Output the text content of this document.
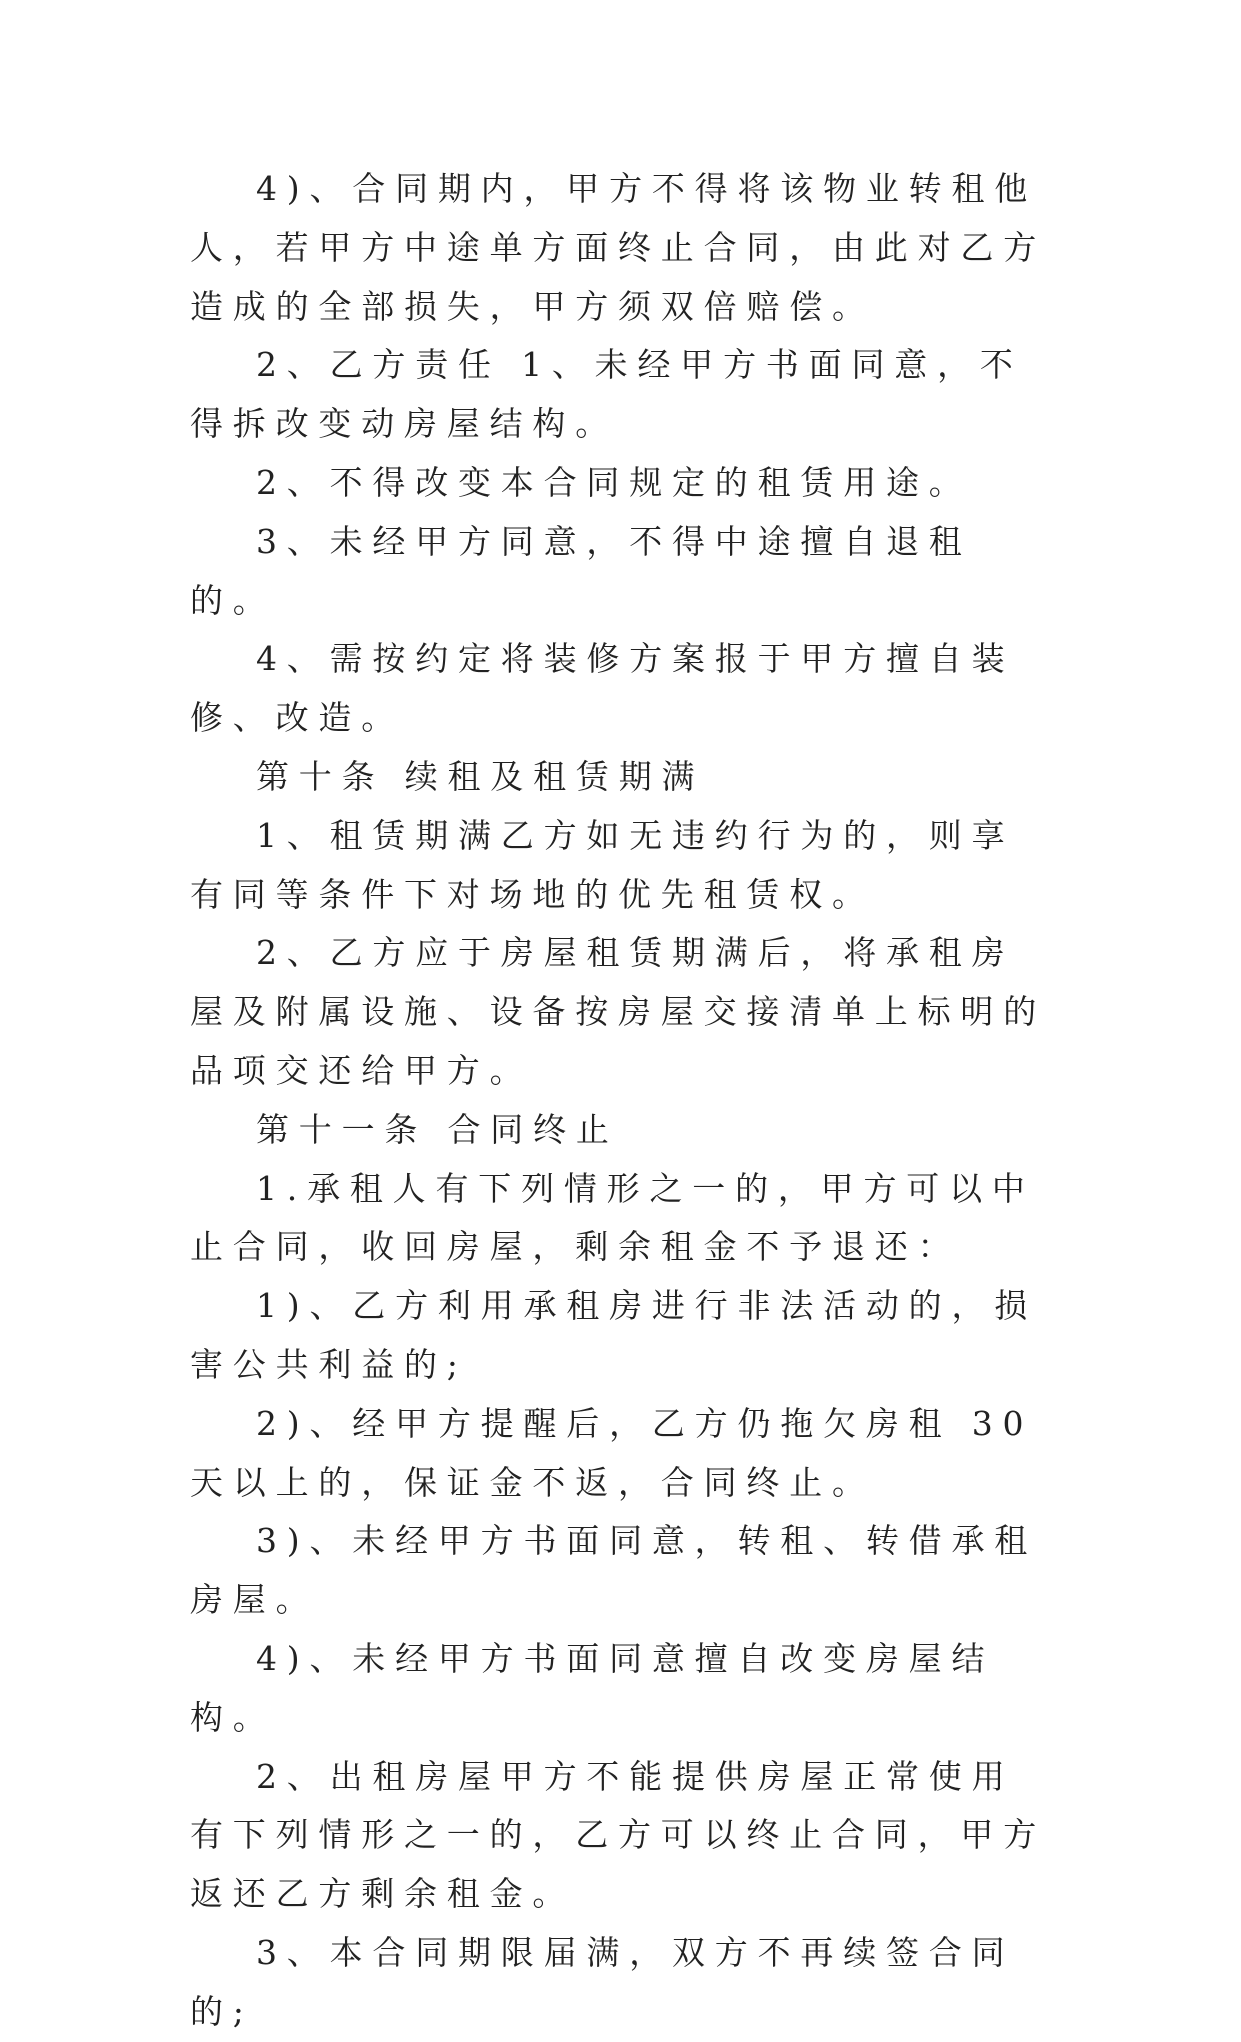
4)、合同期内，甲方不得将该物业转租他人，若甲方中途单方面终止合同，由此对乙方造成的全部损失，甲方须双倍赔偿。

2、乙方责任 1、未经甲方书面同意，不得拆改变动房屋结构。

2、不得改变本合同规定的租赁用途。

3、未经甲方同意，不得中途擅自退租的。

4、需按约定将装修方案报于甲方擅自装修、改造。

第十条 续租及租赁期满

1、租赁期满乙方如无违约行为的，则享有同等条件下对场地的优先租赁权。

2、乙方应于房屋租赁期满后，将承租房屋及附属设施、设备按房屋交接清单上标明的品项交还给甲方。

第十一条 合同终止

1.承租人有下列情形之一的，甲方可以中止合同，收回房屋，剩余租金不予退还：

1)、乙方利用承租房进行非法活动的，损害公共利益的;

2)、经甲方提醒后，乙方仍拖欠房租 30 天以上的，保证金不返，合同终止。

3)、未经甲方书面同意，转租、转借承租房屋。

4)、未经甲方书面同意擅自改变房屋结构。

2、出租房屋甲方不能提供房屋正常使用有下列情形之一的，乙方可以终止合同，甲方返还乙方剩余租金。

3、本合同期限届满，双方不再续签合同的;
